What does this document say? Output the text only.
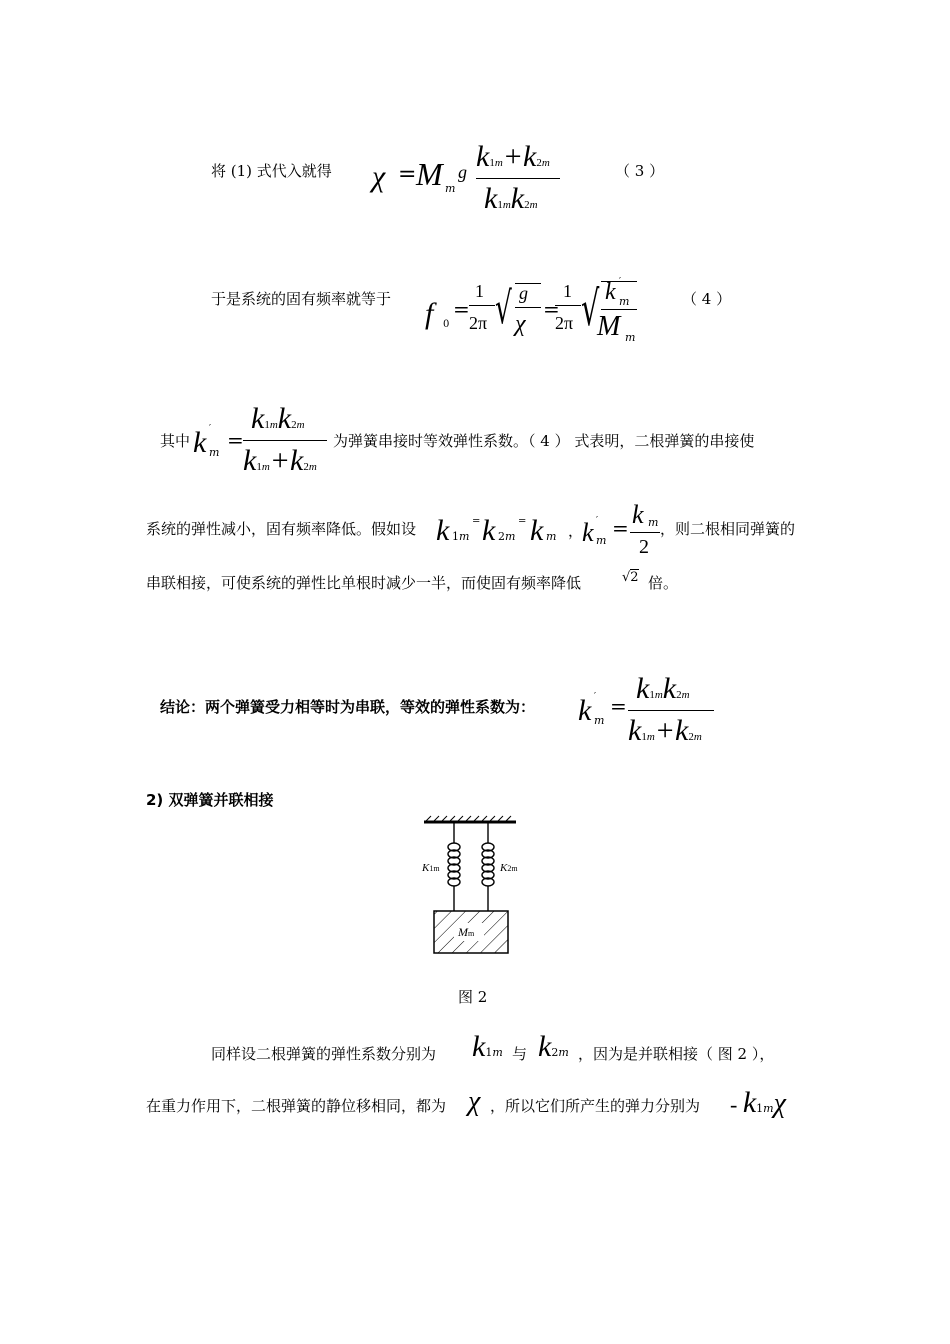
将 (1) 式代入就得 χ = M m
g k1m+k2m
k1mk2m
（ 3 ）
于是系统的固有频率就等于 f 0
=
1
2π √ g
χ
=
1
2π √ k m
′
M m
（ 4 ）
其中 k m
′ =
k1mk2m
k1m+k2m
为弹簧串接时等效弹性系数。（ 4 ） 式表明，二根弹簧的串接使
系统的弹性减小，固有频率降低。假如设 k 1m
= k 2m
= k m ，
k m
′ = k m
2
，则二根相同弹簧的
串联相接，可使系统的弹性比单根时减少一半，而使固有频率降低	√2 倍。
结论：两个弹簧受力相等时为串联，等效的弹性系数为： k m
′ =
k1mk2m
k1m+k2m
2) 双弹簧并联相接
K1m	K2m
Mm
图 2
同样设二根弹簧的弹性系数分别为 k1m 与 k2m ，因为是并联相接（ 图 2 ），
在重力作用下，二根弹簧的静位移相同，都为 χ ，所以它们所产生的弹力分别为 - k1mχ
